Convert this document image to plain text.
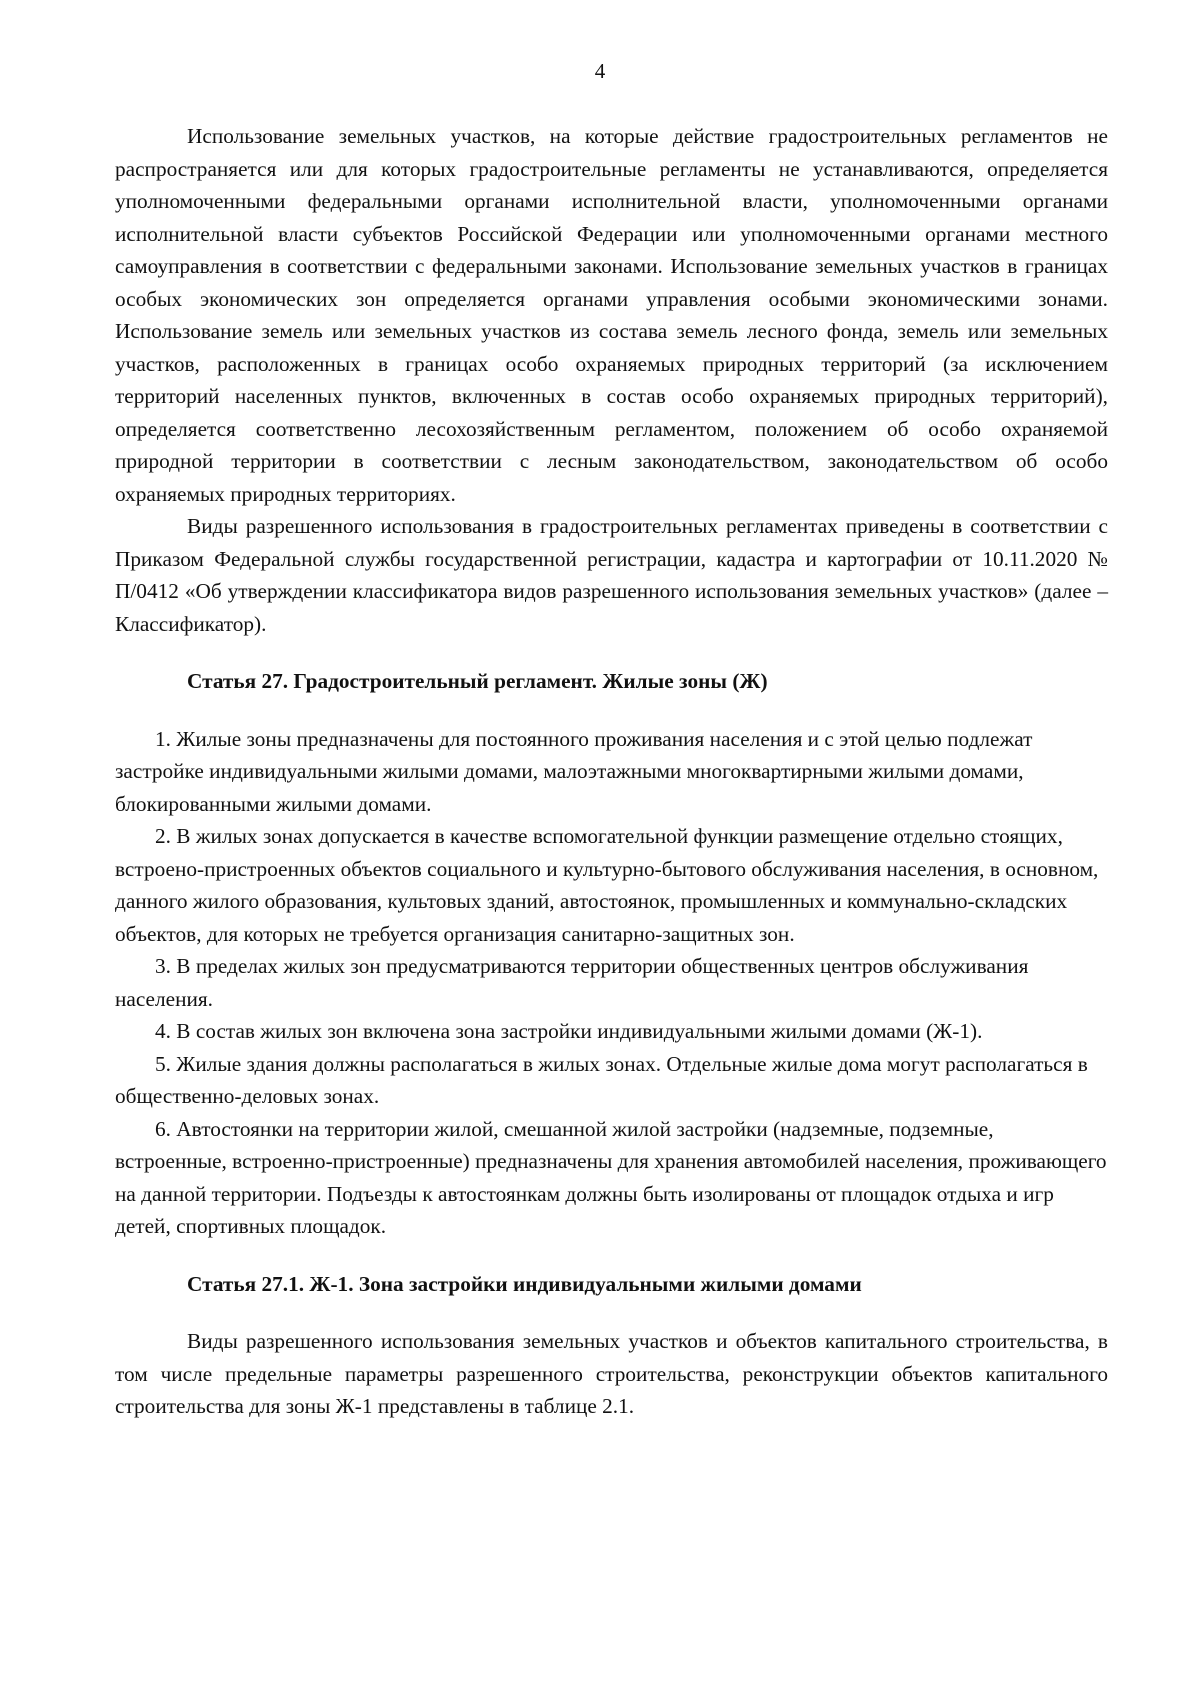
4

Использование земельных участков, на которые действие градостроительных регламентов не распространяется или для которых градостроительные регламенты не устанавливаются, определяется уполномоченными федеральными органами исполнительной власти, уполномоченными органами исполнительной власти субъектов Российской Федерации или уполномоченными органами местного самоуправления в соответствии с федеральными законами. Использование земельных участков в границах особых экономических зон определяется органами управления особыми экономическими зонами. Использование земель или земельных участков из состава земель лесного фонда, земель или земельных участков, расположенных в границах особо охраняемых природных территорий (за исключением территорий населенных пунктов, включенных в состав особо охраняемых природных территорий), определяется соответственно лесохозяйственным регламентом, положением об особо охраняемой природной территории в соответствии с лесным законодательством, законодательством об особо охраняемых природных территориях.

Виды разрешенного использования в градостроительных регламентах приведены в соответствии с Приказом Федеральной службы государственной регистрации, кадастра и картографии от 10.11.2020 № П/0412 «Об утверждении классификатора видов разрешенного использования земельных участков» (далее – Классификатор).

Статья 27. Градостроительный регламент. Жилые зоны (Ж)

1. Жилые зоны предназначены для постоянного проживания населения и с этой целью подлежат застройке индивидуальными жилыми домами, малоэтажными многоквартирными жилыми домами, блокированными жилыми домами.

2. В жилых зонах допускается в качестве вспомогательной функции размещение отдельно стоящих, встроено-пристроенных объектов социального и культурно-бытового обслуживания населения, в основном, данного жилого образования, культовых зданий, автостоянок, промышленных и коммунально-складских объектов, для которых не требуется организация санитарно-защитных зон.

3. В пределах жилых зон предусматриваются территории общественных центров обслуживания населения.

4. В состав жилых зон включена зона застройки индивидуальными жилыми домами (Ж-1).

5. Жилые здания должны располагаться в жилых зонах. Отдельные жилые дома могут располагаться в общественно-деловых зонах.

6. Автостоянки на территории жилой, смешанной жилой застройки (надземные, подземные, встроенные, встроенно-пристроенные) предназначены для хранения автомобилей населения, проживающего на данной территории. Подъезды к автостоянкам должны быть изолированы от площадок отдыха и игр детей, спортивных площадок.

Статья 27.1. Ж-1. Зона застройки индивидуальными жилыми домами

Виды разрешенного использования земельных участков и объектов капитального строительства, в том числе предельные параметры разрешенного строительства, реконструкции объектов капитального строительства для зоны Ж-1 представлены в таблице 2.1.
